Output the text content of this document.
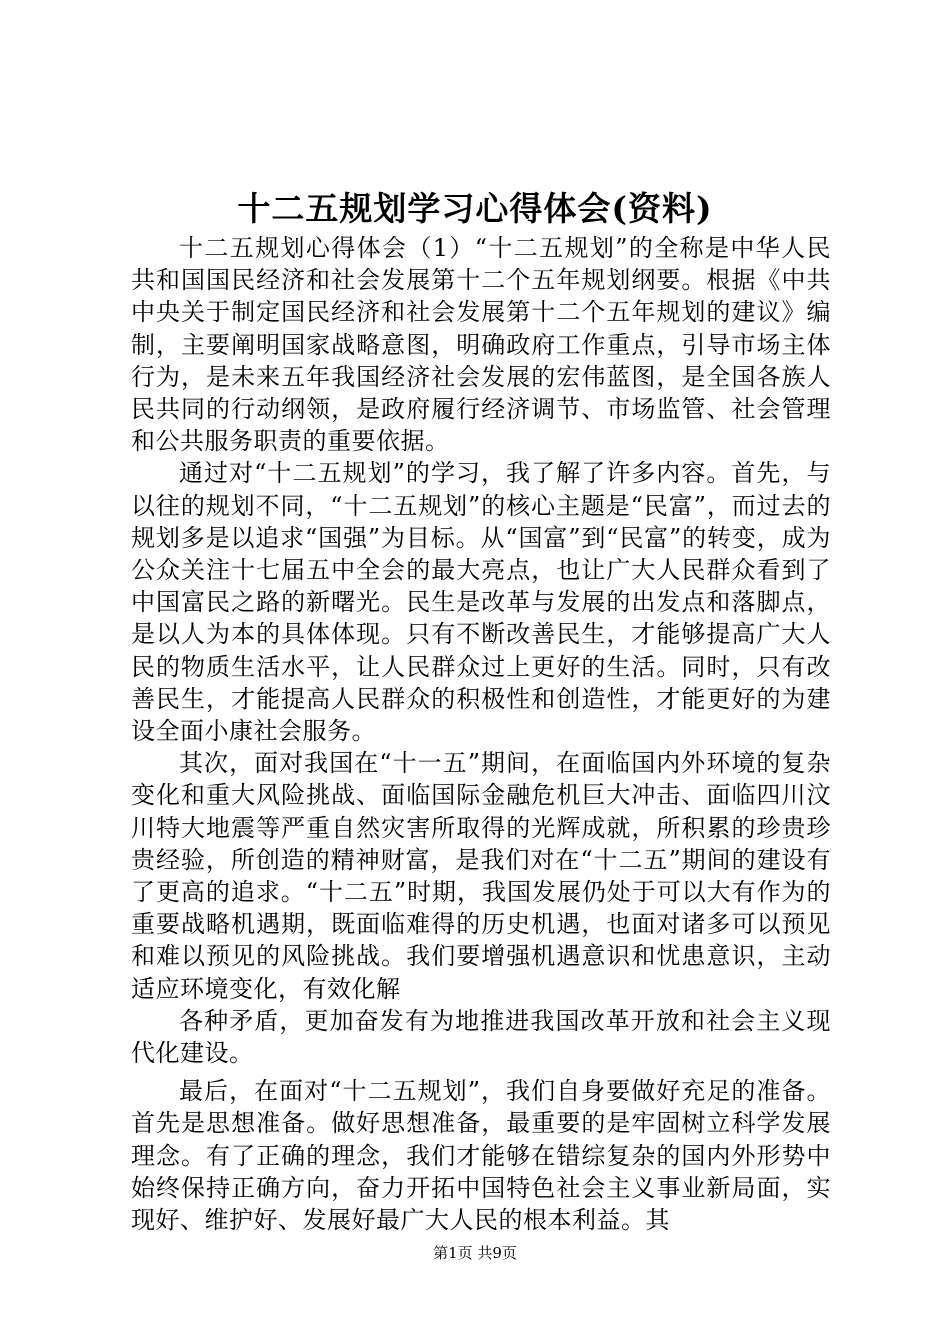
十二五规划学习心得体会(资料)

十二五规划心得体会（1）“十二五规划”的全称是中华人民共和国国民经济和社会发展第十二个五年规划纲要。根据《中共中央关于制定国民经济和社会发展第十二个五年规划的建议》编制，主要阐明国家战略意图，明确政府工作重点，引导市场主体行为，是未来五年我国经济社会发展的宏伟蓝图，是全国各族人民共同的行动纲领，是政府履行经济调节、市场监管、社会管理和公共服务职责的重要依据。

通过对“十二五规划”的学习，我了解了许多内容。首先，与以往的规划不同，“十二五规划”的核心主题是“民富”，而过去的规划多是以追求“国强”为目标。从“国富”到“民富”的转变，成为公众关注十七届五中全会的最大亮点，也让广大人民群众看到了中国富民之路的新曙光。民生是改革与发展的出发点和落脚点，是以人为本的具体体现。只有不断改善民生，才能够提高广大人民的物质生活水平，让人民群众过上更好的生活。同时，只有改善民生，才能提高人民群众的积极性和创造性，才能更好的为建设全面小康社会服务。

其次，面对我国在“十一五”期间，在面临国内外环境的复杂变化和重大风险挑战、面临国际金融危机巨大冲击、面临四川汶川特大地震等严重自然灾害所取得的光辉成就，所积累的珍贵珍贵经验，所创造的精神财富，是我们对在“十二五”期间的建设有了更高的追求。“十二五”时期，我国发展仍处于可以大有作为的重要战略机遇期，既面临难得的历史机遇，也面对诸多可以预见和难以预见的风险挑战。我们要增强机遇意识和忧患意识，主动适应环境变化，有效化解

各种矛盾，更加奋发有为地推进我国改革开放和社会主义现代化建设。

最后，在面对“十二五规划”，我们自身要做好充足的准备。首先是思想准备。做好思想准备，最重要的是牢固树立科学发展理念。有了正确的理念，我们才能够在错综复杂的国内外形势中始终保持正确方向，奋力开拓中国特色社会主义事业新局面，实现好、维护好、发展好最广大人民的根本利益。其

第1页 共9页
